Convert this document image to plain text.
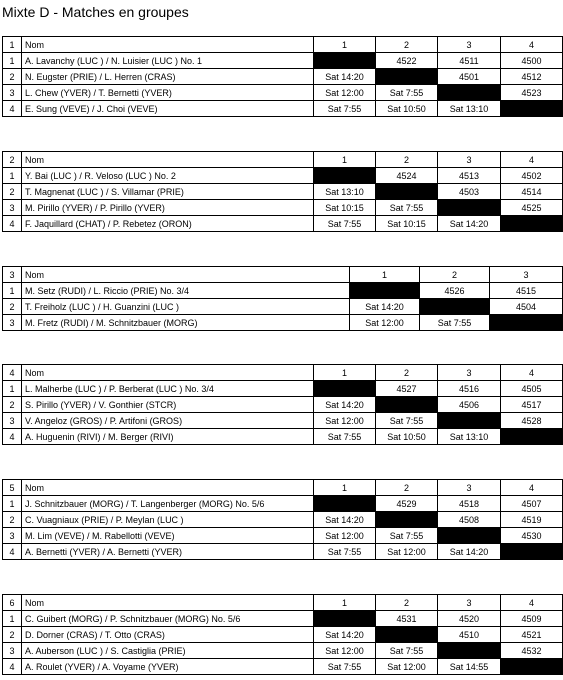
Mixte D - Matches en groupes
1	Nom	1	2	3	4
1	A. Lavanchy (LUC ) / N. Luisier (LUC ) No. 1		4522	4511	4500
2	N. Eugster (PRIE) / L. Herren (CRAS)	Sat 14:20		4501	4512
3	L. Chew (YVER) / T. Bernetti (YVER)	Sat 12:00	Sat 7:55		4523
4	E. Sung (VEVE) / J. Choi (VEVE)	Sat 7:55	Sat 10:50	Sat 13:10	
2	Nom	1	2	3	4
1	Y. Bai (LUC ) / R. Veloso (LUC ) No. 2		4524	4513	4502
2	T. Magnenat (LUC ) / S. Villamar (PRIE)	Sat 13:10		4503	4514
3	M. Pirillo (YVER) / P. Pirillo (YVER)	Sat 10:15	Sat 7:55		4525
4	F. Jaquillard (CHAT) / P. Rebetez (ORON)	Sat 7:55	Sat 10:15	Sat 14:20	
3	Nom	1	2	3
1	M. Setz (RUDI) / L. Riccio (PRIE) No. 3/4		4526	4515
2	T. Freiholz (LUC ) / H. Guanzini (LUC )	Sat 14:20		4504
3	M. Fretz (RUDI) / M. Schnitzbauer (MORG)	Sat 12:00	Sat 7:55	
4	Nom	1	2	3	4
1	L. Malherbe (LUC ) / P. Berberat (LUC ) No. 3/4		4527	4516	4505
2	S. Pirillo (YVER) / V. Gonthier (STCR)	Sat 14:20		4506	4517
3	V. Angeloz (GROS) / P. Artifoni (GROS)	Sat 12:00	Sat 7:55		4528
4	A. Huguenin (RIVI) / M. Berger (RIVI)	Sat 7:55	Sat 10:50	Sat 13:10	
5	Nom	1	2	3	4
1	J. Schnitzbauer (MORG) / T. Langenberger (MORG) No. 5/6		4529	4518	4507
2	C. Vuagniaux (PRIE) / P. Meylan (LUC )	Sat 14:20		4508	4519
3	M. Lim (VEVE) / M. Rabellotti (VEVE)	Sat 12:00	Sat 7:55		4530
4	A. Bernetti (YVER) / A. Bernetti (YVER)	Sat 7:55	Sat 12:00	Sat 14:20	
6	Nom	1	2	3	4
1	C. Guibert (MORG) / P. Schnitzbauer (MORG) No. 5/6		4531	4520	4509
2	D. Dorner (CRAS) / T. Otto (CRAS)	Sat 14:20		4510	4521
3	A. Auberson (LUC ) / S. Castiglia (PRIE)	Sat 12:00	Sat 7:55		4532
4	A. Roulet (YVER) / A. Voyame (YVER)	Sat 7:55	Sat 12:00	Sat 14:55	
